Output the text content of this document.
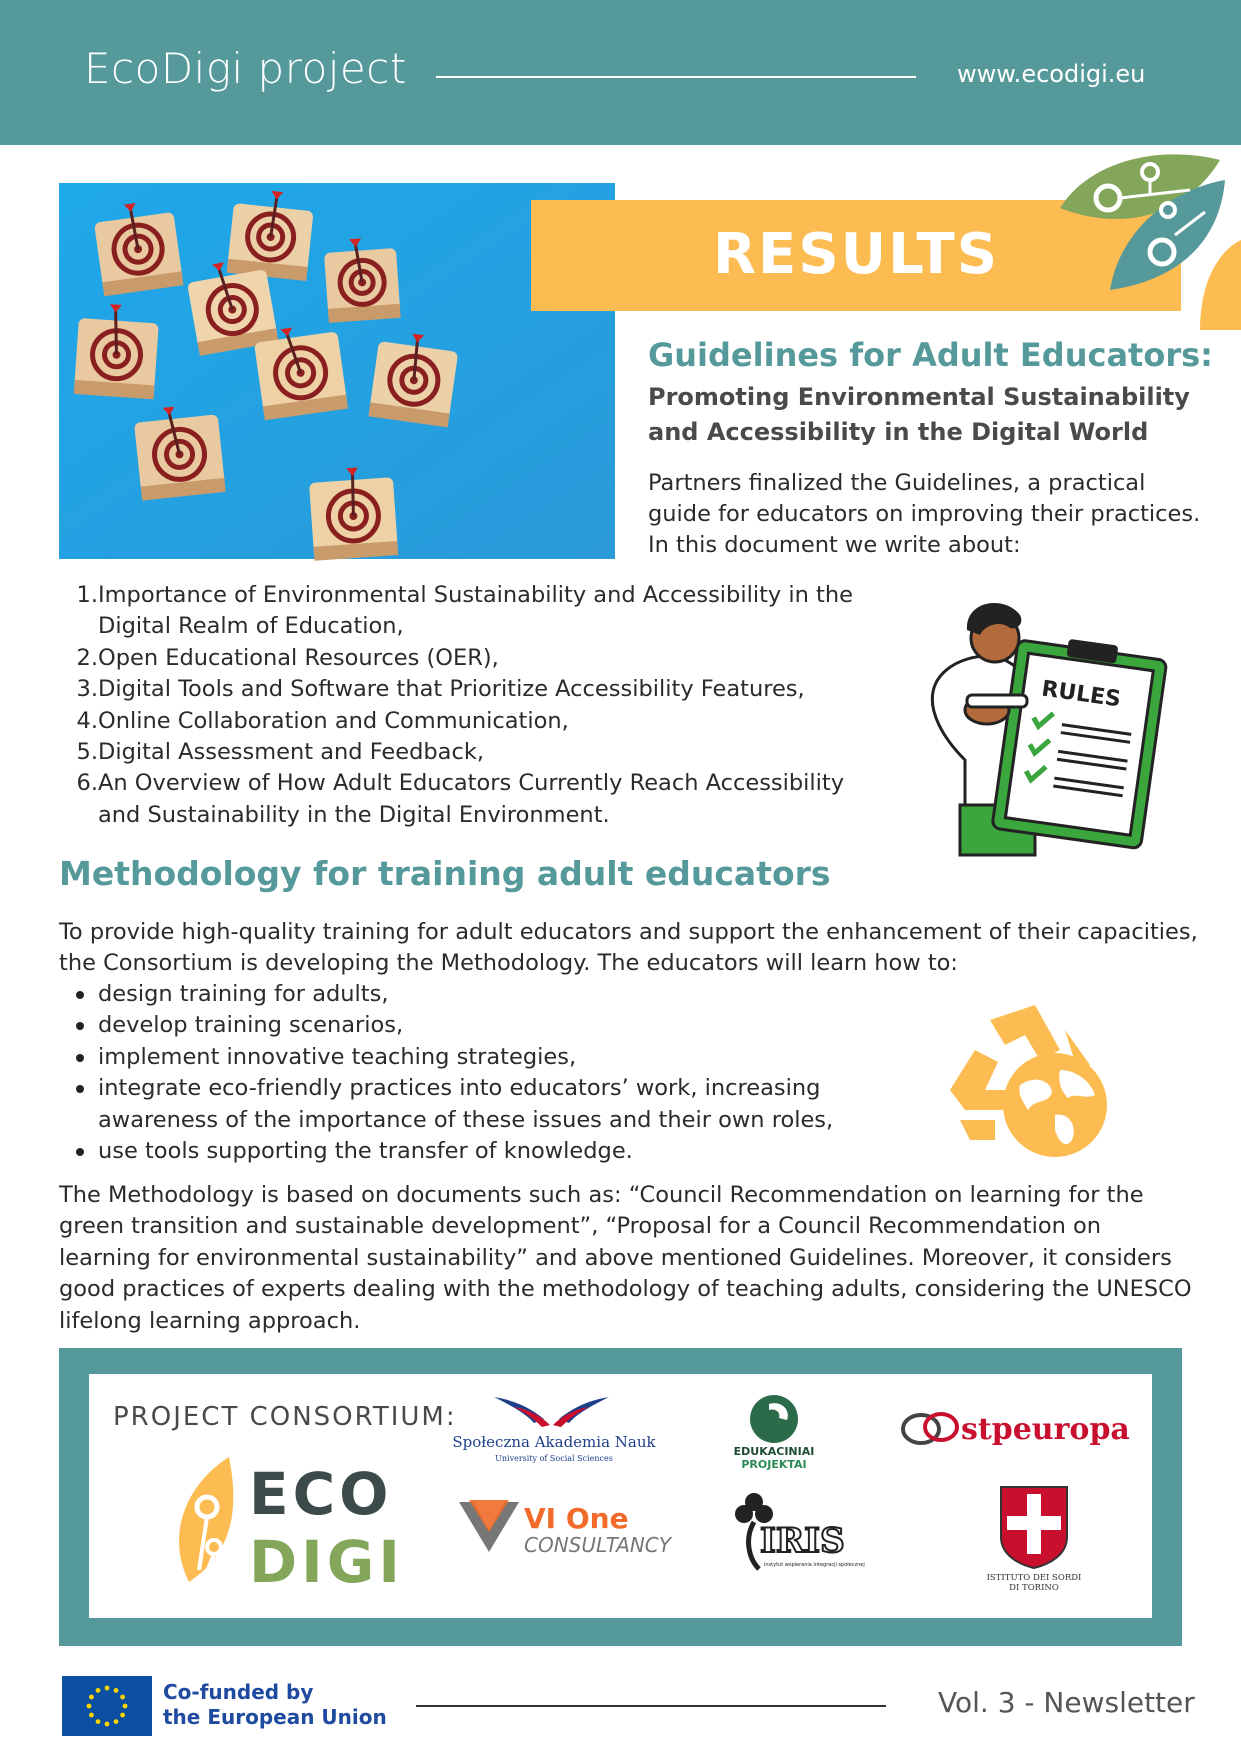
EcoDigi project	www.ecodigi.eu
RESULTS
Guidelines for Adult Educators:
Promoting Environmental Sustainability and Accessibility in the Digital World
Partners finalized the Guidelines, a practical guide for educators on improving their practices. In this document we write about:
1. Importance of Environmental Sustainability and Accessibility in the Digital Realm of Education,
2. Open Educational Resources (OER),
3. Digital Tools and Software that Prioritize Accessibility Features,
4. Online Collaboration and Communication,
5. Digital Assessment and Feedback,
6. An Overview of How Adult Educators Currently Reach Accessibility and Sustainability in the Digital Environment.
RULES
Methodology for training adult educators
To provide high-quality training for adult educators and support the enhancement of their capacities, the Consortium is developing the Methodology. The educators will learn how to:
design training for adults,
develop training scenarios,
implement innovative teaching strategies,
integrate eco-friendly practices into educators’ work, increasing awareness of the importance of these issues and their own roles,
use tools supporting the transfer of knowledge.
The Methodology is based on documents such as: “Council Recommendation on learning for the green transition and sustainable development”, “Proposal for a Council Recommendation on learning for environmental sustainability” and above mentioned Guidelines. Moreover, it considers good practices of experts dealing with the methodology of teaching adults, considering the UNESCO lifelong learning approach.
PROJECT CONSORTIUM:
ECO
DIGI
Społeczna Akademia Nauk
University of Social Sciences
EDUKACINIAI
PROJEKTAI
stpeuropa
VI One
CONSULTANCY	IRIS
instytut wspierania integracji społecznej
ISTITUTO DEI SORDI
DI TORINO
Co-funded by
the European Union	Vol. 3 - Newsletter
